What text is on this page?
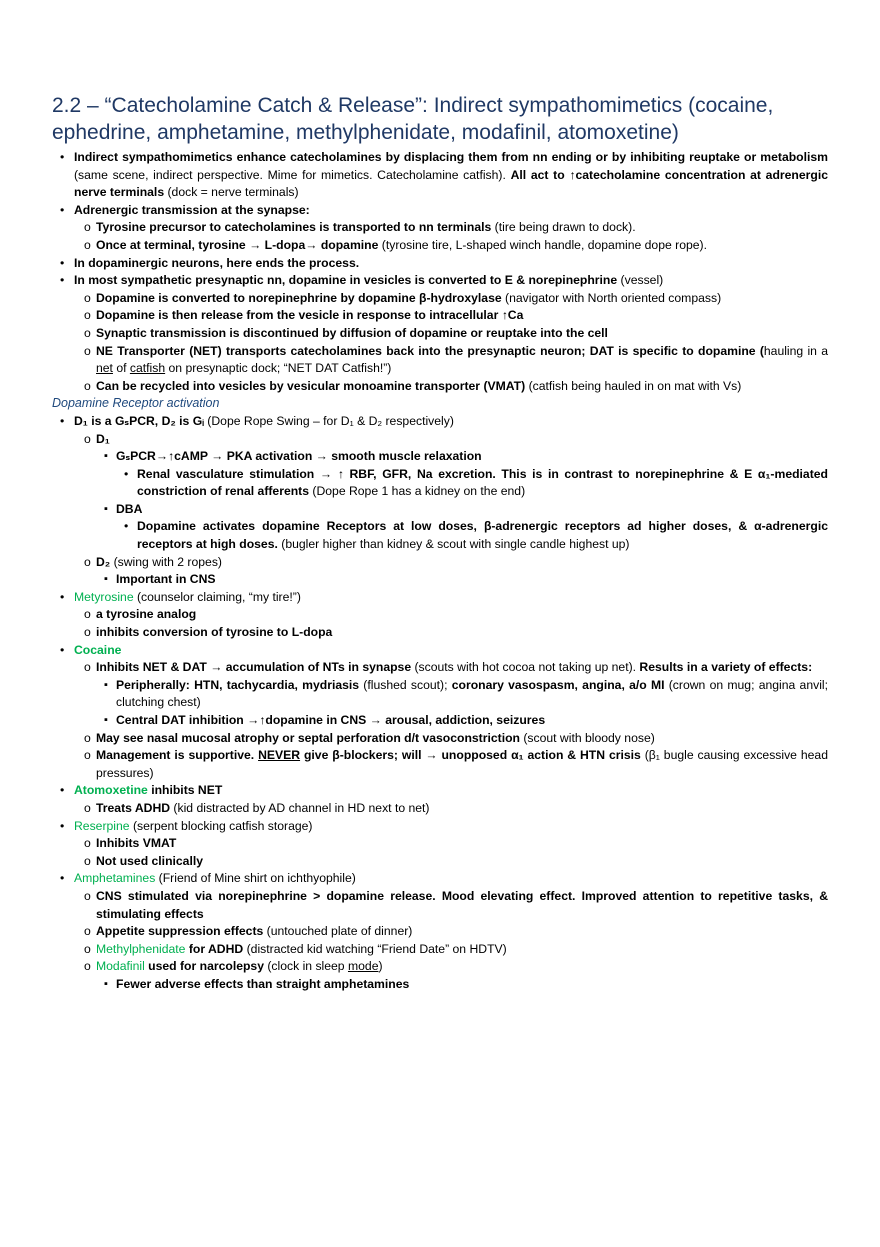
2.2 – “Catecholamine Catch & Release”: Indirect sympathomimetics (cocaine, ephedrine, amphetamine, methylphenidate, modafinil, atomoxetine)
• Indirect sympathomimetics enhance catecholamines by displacing them from nn ending or by inhibiting reuptake or metabolism (same scene, indirect perspective. Mime for mimetics. Catecholamine catfish). All act to ↑catecholamine concentration at adrenergic nerve terminals (dock = nerve terminals)
• Adrenergic transmission at the synapse:
o Tyrosine precursor to catecholamines is transported to nn terminals (tire being drawn to dock).
o Once at terminal, tyrosine → L-dopa→ dopamine (tyrosine tire, L-shaped winch handle, dopamine dope rope).
• In dopaminergic neurons, here ends the process.
• In most sympathetic presynaptic nn, dopamine in vesicles is converted to E & norepinephrine (vessel)
o Dopamine is converted to norepinephrine by dopamine β-hydroxylase (navigator with North oriented compass)
o Dopamine is then release from the vesicle in response to intracellular ↑Ca
o Synaptic transmission is discontinued by diffusion of dopamine or reuptake into the cell
o NE Transporter (NET) transports catecholamines back into the presynaptic neuron; DAT is specific to dopamine (hauling in a net of catfish on presynaptic dock; “NET DAT Catfish!”)
o Can be recycled into vesicles by vesicular monoamine transporter (VMAT) (catfish being hauled in on mat with Vs)

Dopamine Receptor activation

• D₁ is a GₛPCR, D₂ is Gᵢ (Dope Rope Swing – for D₁ & D₂ respectively)
o D₁
▪ GₛPCR→↑cAMP → PKA activation → smooth muscle relaxation
• Renal vasculature stimulation → ↑ RBF, GFR, Na excretion. This is in contrast to norepinephrine & E α₁-mediated constriction of renal afferents (Dope Rope 1 has a kidney on the end)
▪ DBA
• Dopamine activates dopamine Receptors at low doses, β-adrenergic receptors ad higher doses, & α-adrenergic receptors at high doses. (bugler higher than kidney & scout with single candle highest up)
o D₂ (swing with 2 ropes)
▪ Important in CNS
• Metyrosine (counselor claiming, “my tire!”)
o a tyrosine analog
o inhibits conversion of tyrosine to L-dopa
• Cocaine
o Inhibits NET & DAT → accumulation of NTs in synapse (scouts with hot cocoa not taking up net). Results in a variety of effects:
▪ Peripherally: HTN, tachycardia, mydriasis (flushed scout); coronary vasospasm, angina, a/o MI (crown on mug; angina anvil; clutching chest)
▪ Central DAT inhibition →↑dopamine in CNS → arousal, addiction, seizures
o May see nasal mucosal atrophy or septal perforation d/t vasoconstriction (scout with bloody nose)
o Management is supportive. NEVER give β-blockers; will → unopposed α₁ action & HTN crisis (β₁ bugle causing excessive head pressures)
• Atomoxetine inhibits NET
o Treats ADHD (kid distracted by AD channel in HD next to net)
• Reserpine (serpent blocking catfish storage)
o Inhibits VMAT
o Not used clinically
• Amphetamines (Friend of Mine shirt on ichthyophile)
o CNS stimulated via norepinephrine > dopamine release. Mood elevating effect. Improved attention to repetitive tasks, & stimulating effects
o Appetite suppression effects (untouched plate of dinner)
o Methylphenidate for ADHD (distracted kid watching “Friend Date” on HDTV)
o Modafinil used for narcolepsy (clock in sleep mode)
▪ Fewer adverse effects than straight amphetamines
